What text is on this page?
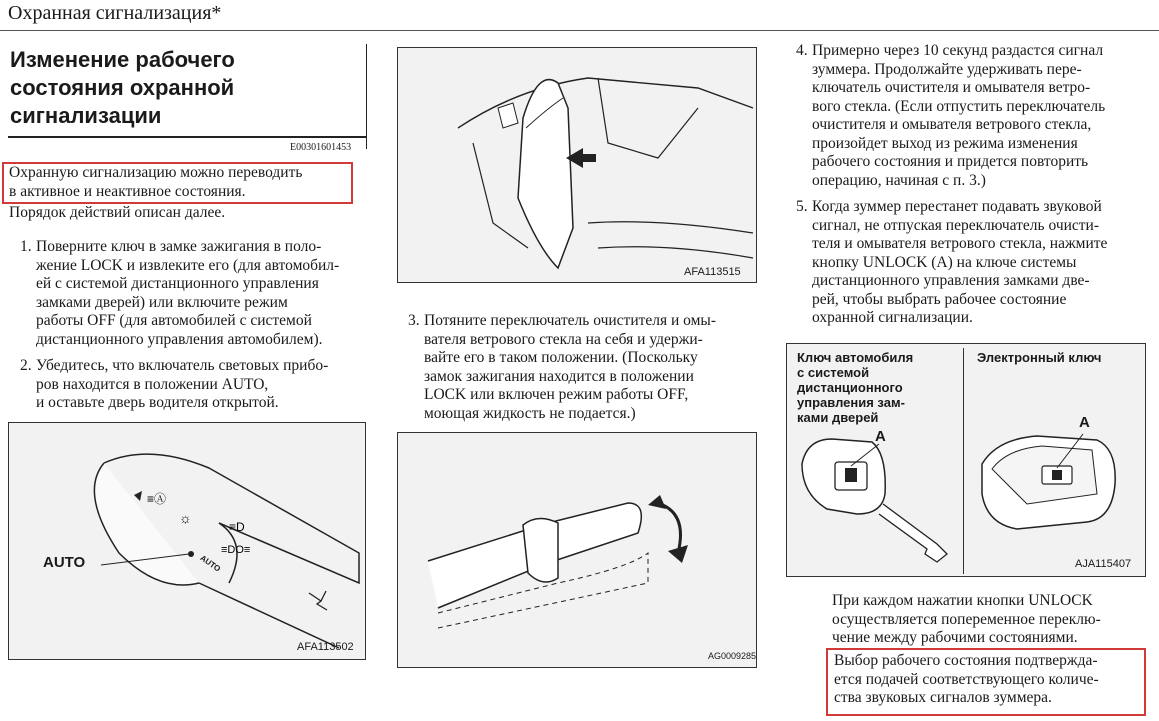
Охранная сигнализация*
Изменение рабочего
состояния охранной
сигнализации
E00301601453
Охранную сигнализацию можно переводить
в активное и неактивное состояния.
Порядок действий описан далее.
1. Поверните ключ в замке зажигания в поло-
жение LOCK и извлеките его (для автомобил-
ей с системой дистанционного управления
замками дверей) или включите режим
работы OFF (для автомобилей с системой
дистанционного управления автомобилем).
2. Убедитесь, что включатель световых прибо-
ров находится в положении AUTO,
и оставьте дверь водителя открытой.
≡Ⓐ
☼
≡D
≡DO≡
AUTO	AUTO
AFA113502
AFA113515
3. Потяните переключатель очистителя и омы-
вателя ветрового стекла на себя и удержи-
вайте его в таком положении. (Поскольку
замок зажигания находится в положении
LOCK или включен режим работы OFF,
моющая жидкость не подается.)
AG0009285
4. Примерно через 10 секунд раздастся сигнал
зуммера. Продолжайте удерживать пере-
ключатель очистителя и омывателя ветро-
вого стекла. (Если отпустить переключатель
очистителя и омывателя ветрового стекла,
произойдет выход из режима изменения
рабочего состояния и придется повторить
операцию, начиная с п. 3.)
5. Когда зуммер перестанет подавать звуковой
сигнал, не отпуская переключатель очисти-
теля и омывателя ветрового стекла, нажмите
кнопку UNLOCK (A) на ключе системы
дистанционного управления замками две-
рей, чтобы выбрать рабочее состояние
охранной сигнализации.
Ключ автомобиля
с системой дистанционного
управления зам-
ками дверей
Электронный ключ
A
A
AJA115407
При каждом нажатии кнопки UNLOCK
осуществляется попеременное переклю-
чение между рабочими состояниями.
Выбор рабочего состояния подтвержда-
ется подачей соответствующего количе-
ства звуковых сигналов зуммера.
